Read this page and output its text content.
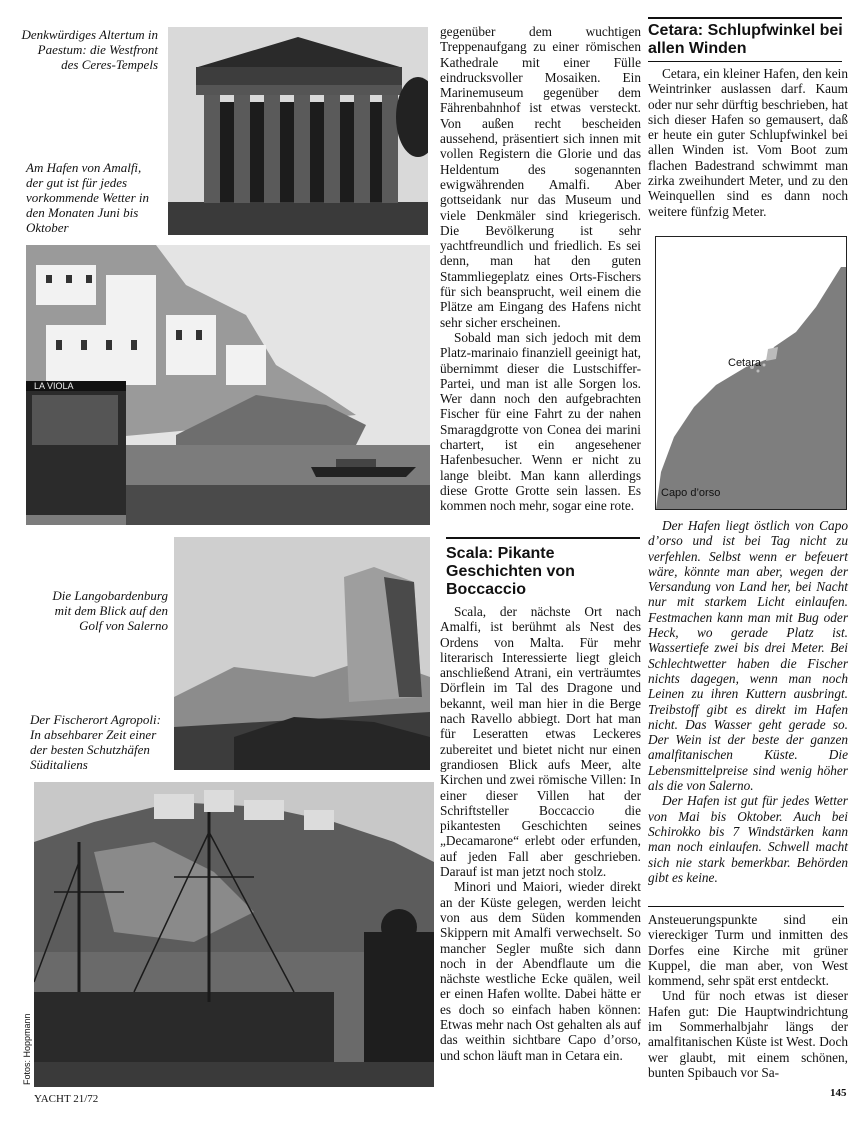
Denkwürdiges Altertum in Paestum: die Westfront des Ceres-Tempels
Am Hafen von Amalfi, der gut ist für jedes vorkommende Wetter in den Monaten Juni bis Oktober
LA VIOLA
Die Langobardenburg mit dem Blick auf den Golf von Salerno
Der Fischerort Agropoli: In absehbarer Zeit einer der besten Schutzhäfen Süditaliens
Fotos: Hoppmann

gegenüber dem wuchtigen Treppenaufgang zu einer römischen Kathedrale mit einer Fülle eindrucksvoller Mosaiken. Ein Marinemuseum gegenüber dem Fährenbahnhof ist etwas versteckt. Von außen recht bescheiden aussehend, präsentiert sich innen mit vollen Registern die Glorie und das Heldentum des sogenannten ewigwährenden Amalfi. Aber gottseidank nur das Museum und viele Denkmäler sind kriegerisch. Die Bevölkerung ist sehr yachtfreundlich und friedlich. Es sei denn, man hat den guten Stammliegeplatz eines Orts-Fischers für sich beansprucht, weil einem die Plätze am Eingang des Hafens nicht sehr sicher erscheinen.

Sobald man sich jedoch mit dem Platz-marinaio finanziell geeinigt hat, übernimmt dieser die Lustschiffer-Partei, und man ist alle Sorgen los. Wer dann noch den aufgebrachten Fischer für eine Fahrt zu der nahen Smaragdgrotte von Conea dei marini chartert, ist ein angesehener Hafenbesucher. Wenn er nicht zu lange bleibt. Man kann allerdings diese Grotte Grotte sein lassen. Es kommen noch mehr, sogar eine rote.

Scala: Pikante Geschichten von Boccaccio

Scala, der nächste Ort nach Amalfi, ist berühmt als Nest des Ordens von Malta. Für mehr literarisch Interessierte liegt gleich anschließend Atrani, ein verträumtes Dörflein im Tal des Dragone und bekannt, weil man hier in die Berge nach Ravello abbiegt. Dort hat man für Leseratten etwas Leckeres zubereitet und bietet nicht nur einen grandiosen Blick aufs Meer, alte Kirchen und zwei römische Villen: In einer dieser Villen hat der Schriftsteller Boccaccio die pikantesten Geschichten seines „Decamarone“ erlebt oder erfunden, auf jeden Fall aber geschrieben. Darauf ist man jetzt noch stolz.

Minori und Maiori, wieder direkt an der Küste gelegen, werden leicht von aus dem Süden kommenden Skippern mit Amalfi verwechselt. So mancher Segler mußte sich dann noch in der Abendflaute um die nächste westliche Ecke quälen, weil er einen Hafen wollte. Dabei hätte er es doch so einfach haben können: Etwas mehr nach Ost gehalten als auf das weithin sichtbare Capo d’orso, und schon läuft man in Cetara ein.

Cetara: Schlupfwinkel bei allen Winden

Cetara, ein kleiner Hafen, den kein Weintrinker auslassen darf. Kaum oder nur sehr dürftig beschrieben, hat sich dieser Hafen so gemausert, daß er heute ein guter Schlupfwinkel bei allen Winden ist. Vom Boot zum flachen Badestrand schwimmt man zirka zweihundert Meter, und zu den Weinquellen sind es dann noch weitere fünfzig Meter.

Cetara
Capo d’orso

Der Hafen liegt östlich von Capo d’orso und ist bei Tag nicht zu verfehlen. Selbst wenn er befeuert wäre, könnte man aber, wegen der Versandung von Land her, bei Nacht nur mit starkem Licht einlaufen. Festmachen kann man mit Bug oder Heck, wo gerade Platz ist. Wassertiefe zwei bis drei Meter. Bei Schlechtwetter haben die Fischer nichts dagegen, wenn man noch Leinen zu ihren Kuttern ausbringt. Treibstoff gibt es direkt im Hafen nicht. Das Wasser geht gerade so. Der Wein ist der beste der ganzen amalfitanischen Küste. Die Lebensmittelpreise sind wenig höher als die von Salerno.

Der Hafen ist gut für jedes Wetter von Mai bis Oktober. Auch bei Schirokko bis 7 Windstärken kann man noch einlaufen. Schwell macht sich nie stark bemerkbar. Behörden gibt es keine.

Ansteuerungspunkte sind ein viereckiger Turm und inmitten des Dorfes eine Kirche mit grüner Kuppel, die man aber, von West kommend, sehr spät erst entdeckt.

Und für noch etwas ist dieser Hafen gut: Die Hauptwindrichtung im Sommerhalbjahr längs der amalfitanischen Küste ist West. Doch wer glaubt, mit einem schönen, bunten Spibauch vor Sa-

YACHT 21/72	145
